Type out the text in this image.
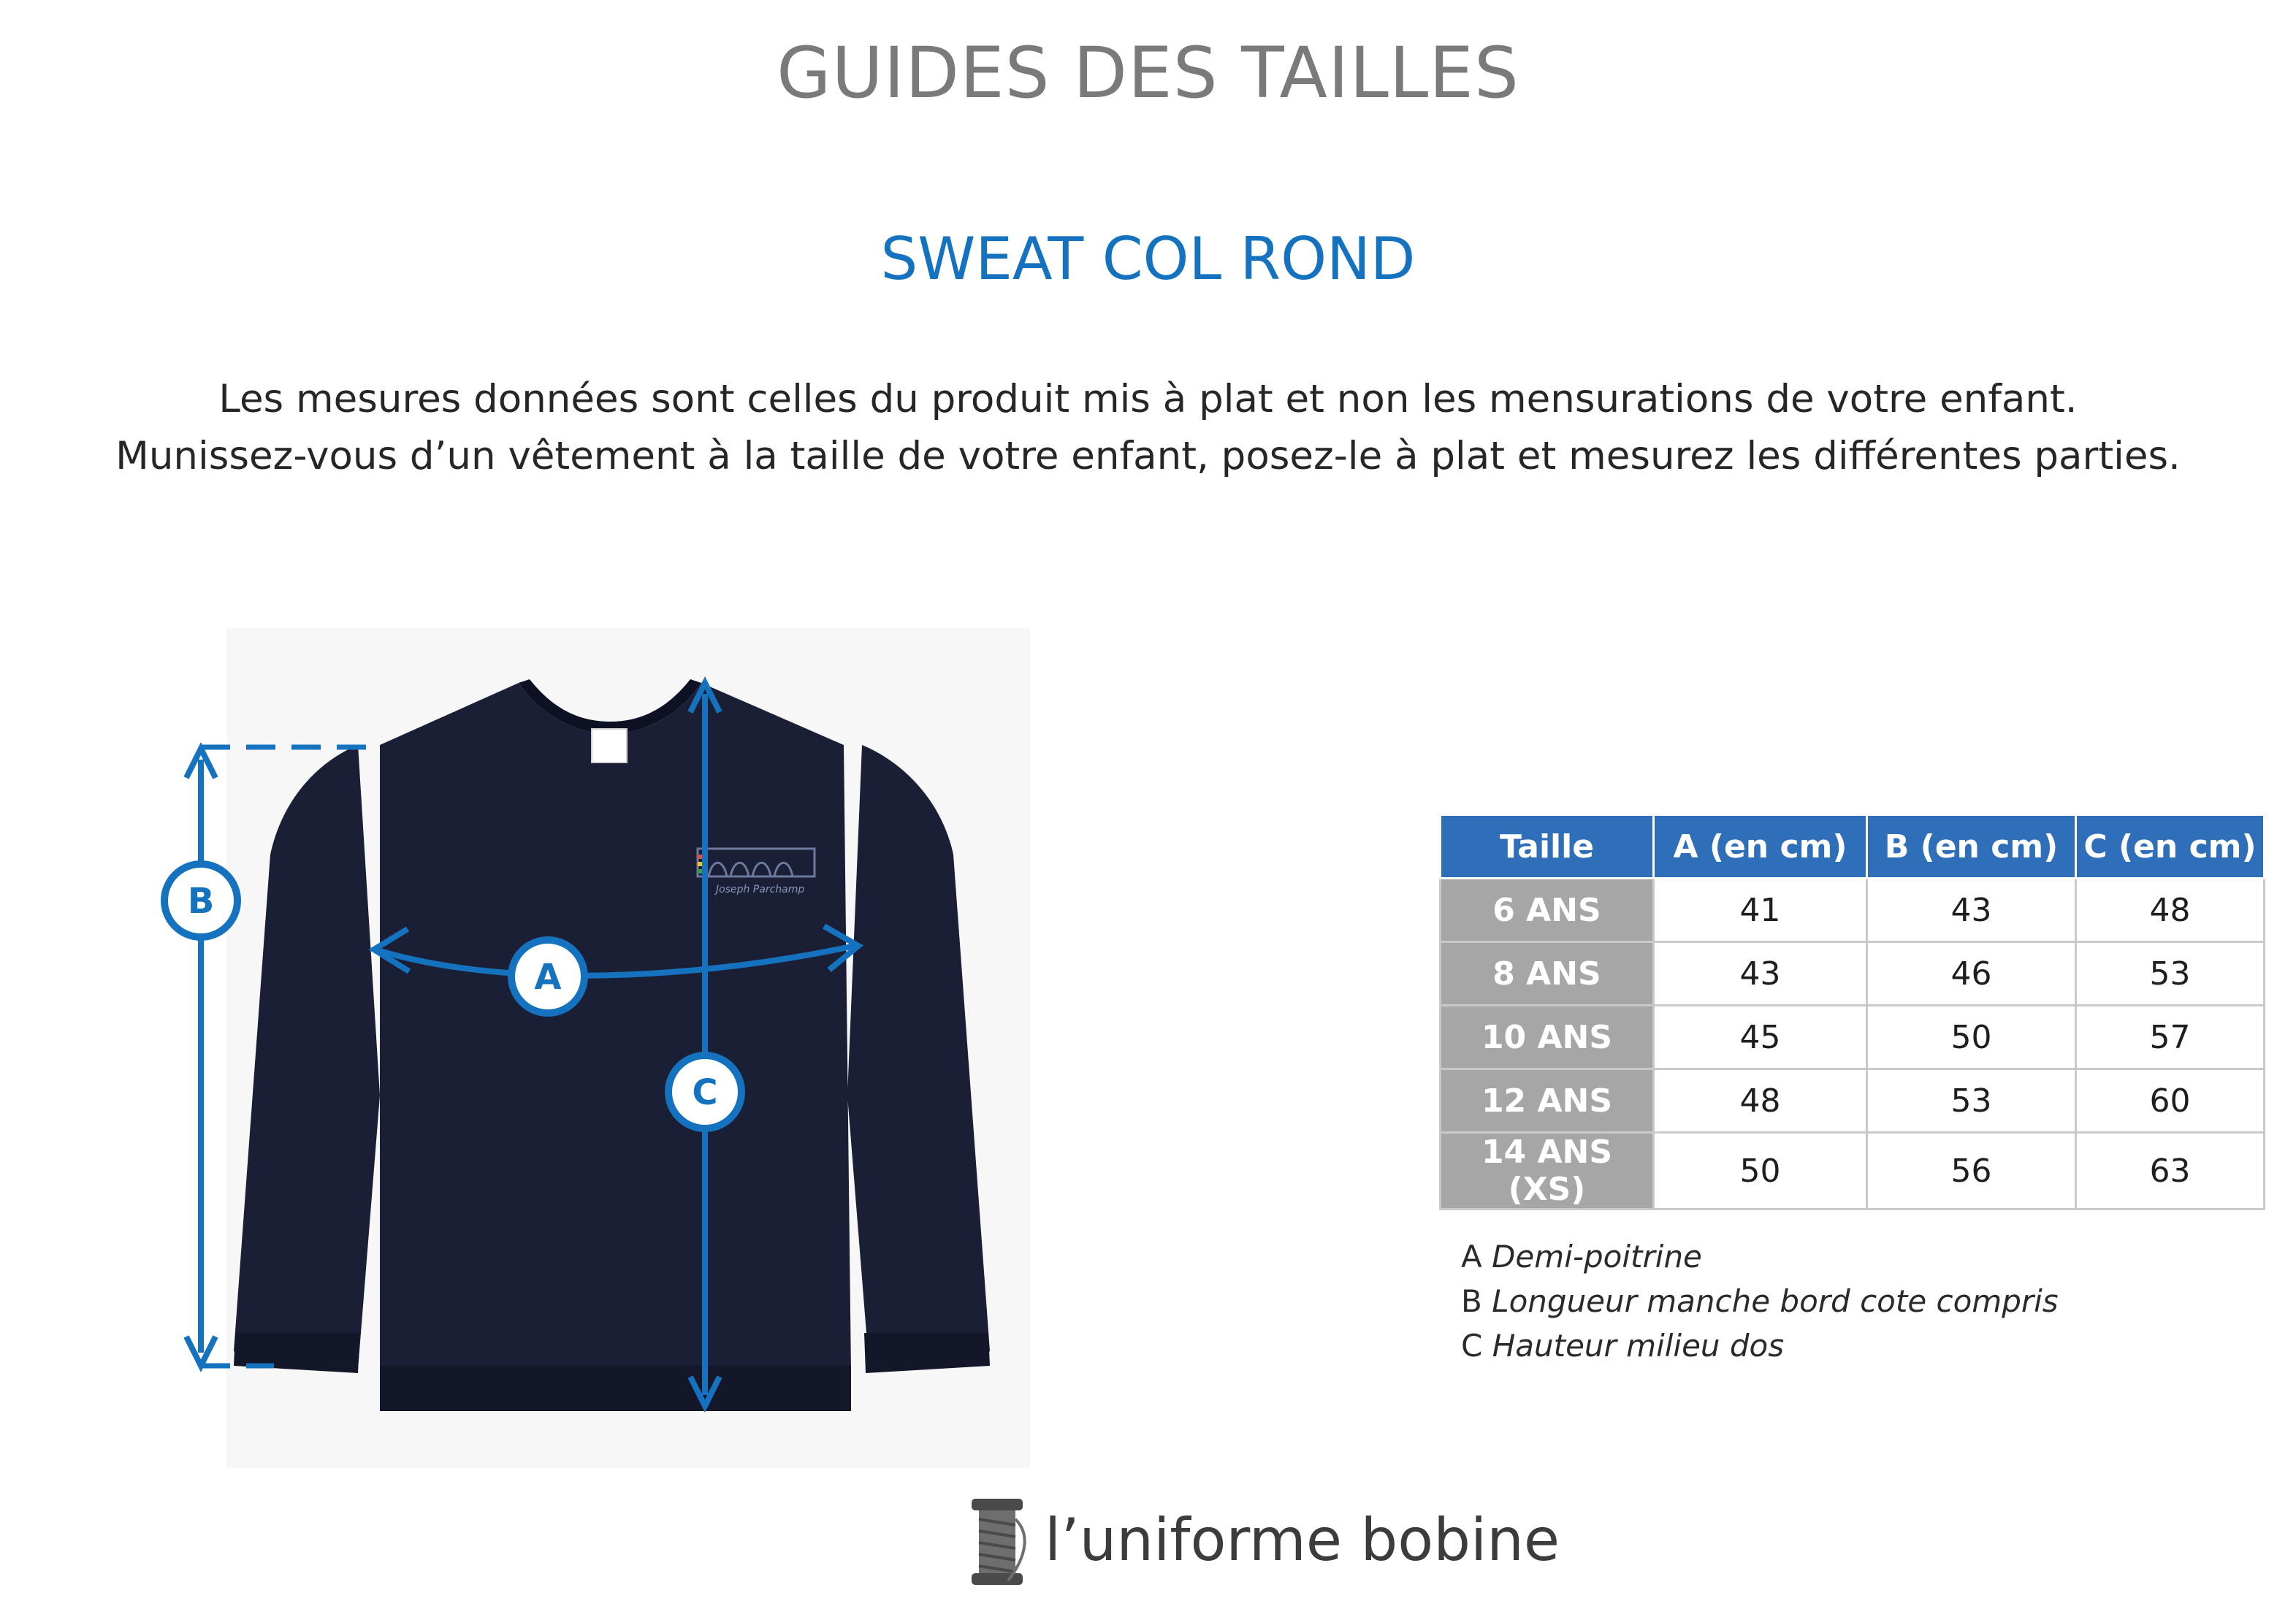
GUIDES DES TAILLES
SWEAT COL ROND
Les mesures données sont celles du produit mis à plat et non les mensurations de votre enfant.
Munissez-vous d’un vêtement à la taille de votre enfant, posez-le à plat et mesurez les différentes parties.
Joseph Parchamp
B
A
C
Taille	A (en cm)	B (en cm)	C (en cm)
6 ANS	41	43	48
8 ANS	43	46	53
10 ANS	45	50	57
12 ANS	48	53	60
14 ANS (XS)	50	56	63
A Demi-poitrine
B Longueur manche bord cote compris
C Hauteur milieu dos
l’uniforme bobine
